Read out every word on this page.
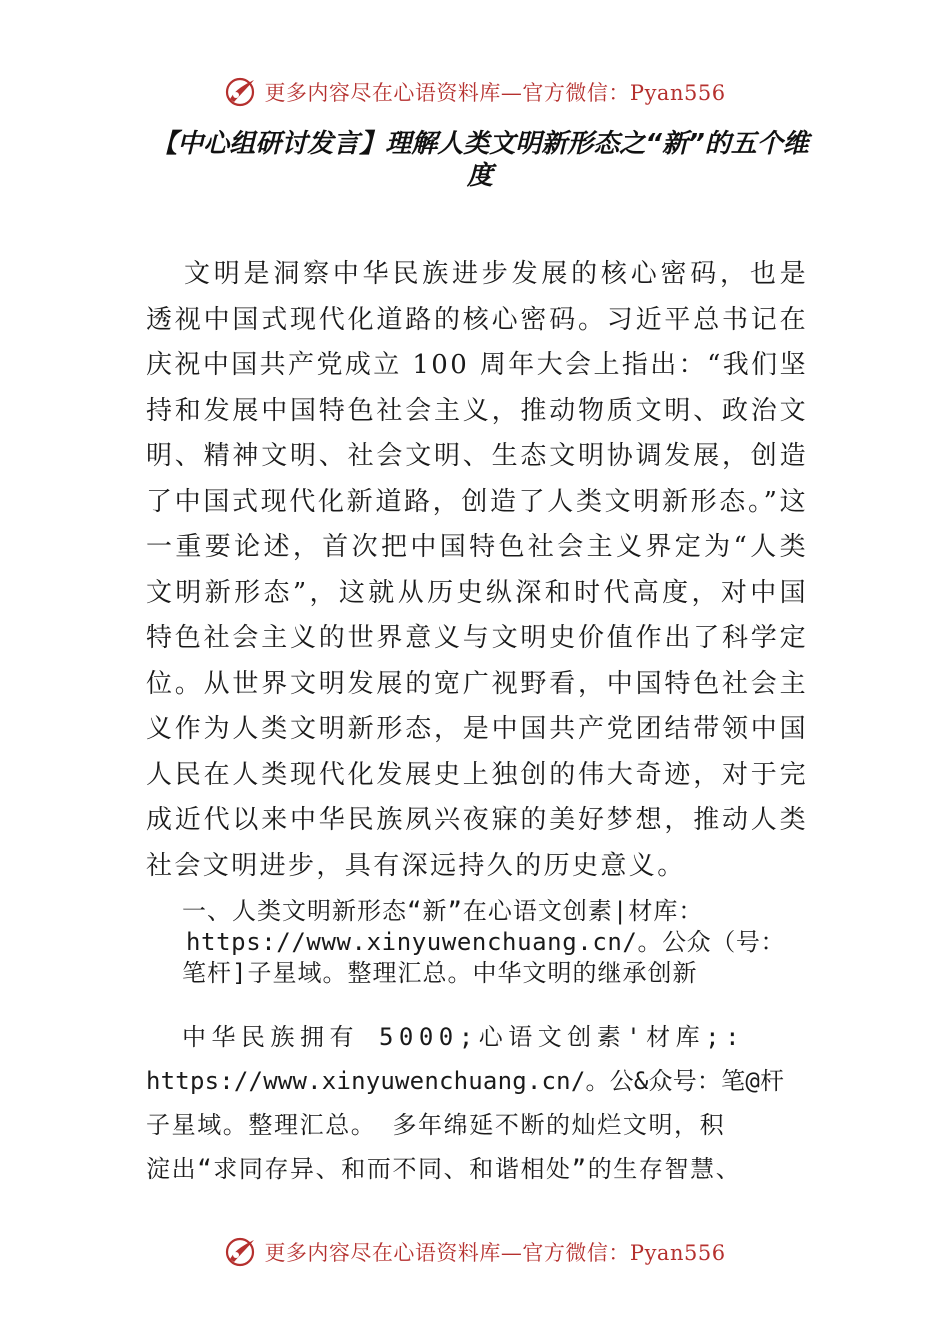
更多内容尽在心语资料库—官方微信：Pyan556
【中心组研讨发言】理解人类文明新形态之“新”的五个维度

文明是洞察中华民族进步发展的核心密码，也是透视中国式现代化道路的核心密码。习近平总书记在庆祝中国共产党成立 100 周年大会上指出：“我们坚持和发展中国特色社会主义，推动物质文明、政治文明、精神文明、社会文明、生态文明协调发展，创造了中国式现代化新道路，创造了人类文明新形态。”这一重要论述，首次把中国特色社会主义界定为“人类文明新形态”，这就从历史纵深和时代高度，对中国特色社会主义的世界意义与文明史价值作出了科学定位。从世界文明发展的宽广视野看，中国特色社会主义作为人类文明新形态，是中国共产党团结带领中国人民在人类现代化发展史上独创的伟大奇迹，对于完成近代以来中华民族夙兴夜寐的美好梦想，推动人类社会文明进步，具有深远持久的历史意义。

一、人类文明新形态“新”在心语文创素|材库：
https://www.xinyuwenchuang.cn/。公众（号：
笔杆]子星域。整理汇总。中华文明的继承创新
中华民族拥有 5000;心语文创素'材库;:
https://www.xinyuwenchuang.cn/。公&众号：笔@杆
子星域。整理汇总。 多年绵延不断的灿烂文明，积
淀出“求同存异、和而不同、和谐相处”的生存智慧、
更多内容尽在心语资料库—官方微信：Pyan556
